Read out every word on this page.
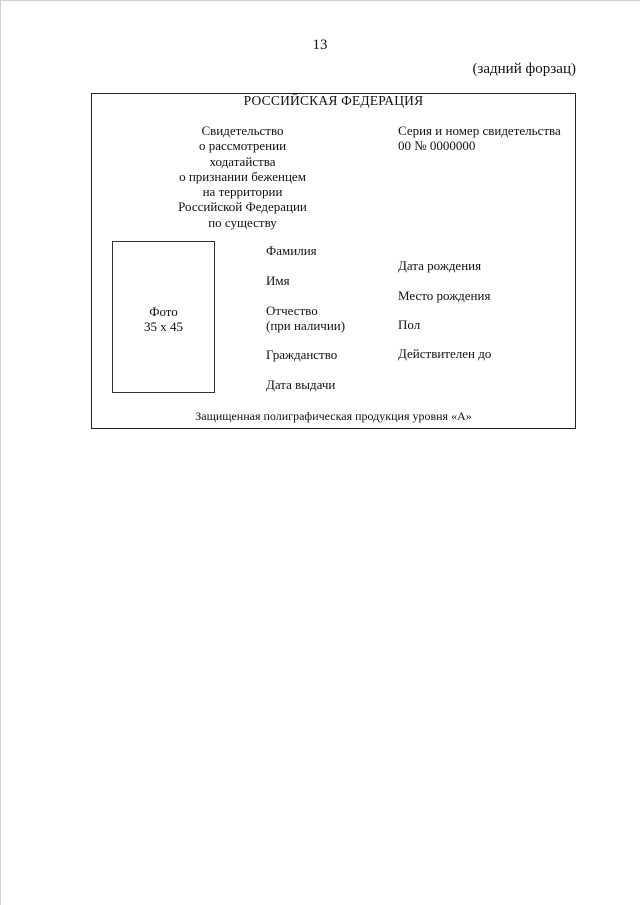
13
(задний форзац)
РОССИЙСКАЯ ФЕДЕРАЦИЯ
Свидетельство
о рассмотрении
ходатайства
о признании беженцем
на территории
Российской Федерации
по существу
Серия и номер свидетельства
00 № 0000000
Фото
35 х 45
Фамилия
Имя
Отчество
(при наличии)
Гражданство
Дата выдачи
Дата рождения
Место рождения
Пол
Действителен до
Защищенная полиграфическая продукция уровня «А»
